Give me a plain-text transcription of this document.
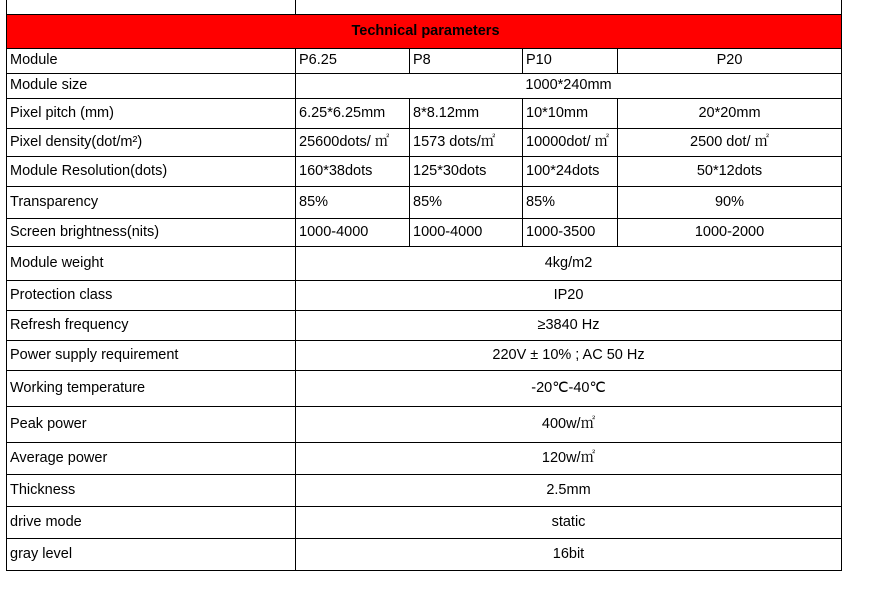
Technical parameters				
Module	P6.25	P8	P10	P20
Module size	1000*240mm			
Pixel pitch (mm)	6.25*6.25mm	8*8.12mm	10*10mm	20*20mm
Pixel density(dot/m²)	25600dots/ ㎡	1573 dots/㎡	10000dot/ ㎡	2500 dot/ ㎡
Module Resolution(dots)	160*38dots	125*30dots	100*24dots	50*12dots
Transparency	85%	85%	85%	90%
Screen brightness(nits)	1000-4000	1000-4000	1000-3500	1000-2000
Module weight	4kg/m2			
Protection class	IP20			
Refresh frequency	≥3840 Hz			
Power supply requirement	220V ± 10% ; AC 50 Hz			
Working temperature	-20℃-40℃			
Peak power	400w/㎡			
Average power	120w/㎡			
Thickness	2.5mm			
drive mode	static			
gray level	16bit			
